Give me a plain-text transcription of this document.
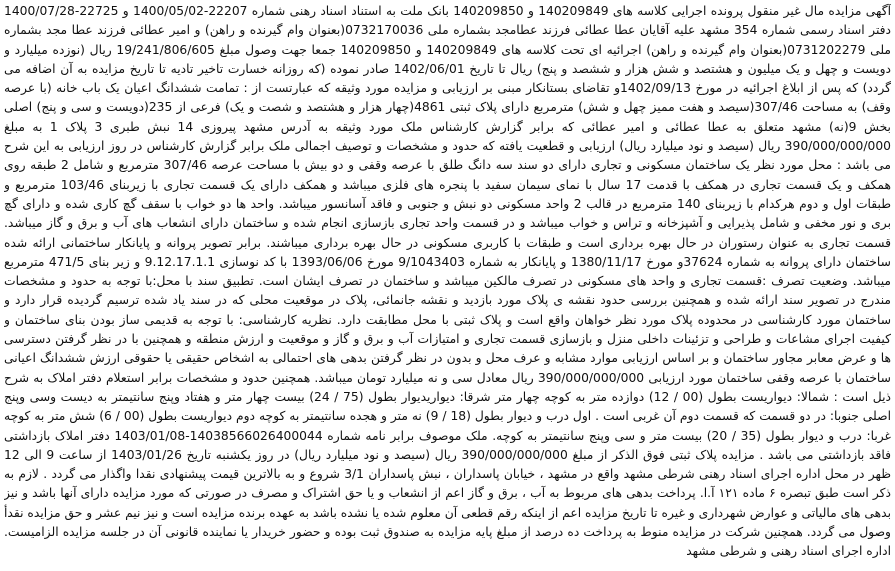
آگهی مزایده مال غیر منقول پرونده اجرایی کلاسه های 140209849 و 140209850 بانک ملت به استناد اسناد رهنی شماره 22207-1400/05/02 و 22725-1400/07/28 دفتر اسناد رسمی شماره 354 مشهد علیه آقایان عطا عطائی فرزند عطامجد بشماره ملی 0732170036(بعنوان وام گیرنده و راهن) و امیر عطائی فرزند عطا مجد بشماره ملی 0731202279(بعنوان وام گیرنده و راهن) اجرائیه ای تحت کلاسه های 140209849 و 140209850 جمعا جهت وصول مبلغ 19/241/806/605 ریال (نوزده میلیارد و دویست و چهل و یک میلیون و هشتصد و شش هزار و ششصد و پنج) ریال تا تاریخ 1402/06/01 صادر نموده (که روزانه خسارت تاخیر تادیه تا تاریخ مزایده به آن اضافه می گردد) که پس از ابلاغ اجرائیه در مورخ 1402/09/13و تقاضای بستانکار مبنی بر ارزیابی و مزایده مورد وثیقه که عبارتست از : تمامت ششدانگ اعیان یک باب خانه (با عرصه وقف) به مساحت 307/46(سیصد و هفت ممیز چهل و شش) مترمربع دارای پلاک ثبتی 4861(چهار هزار و هشتصد و شصت و یک) فرعی از 235(دویست و سی و پنج) اصلی بخش 9(نه) مشهد متعلق به عطا عطائی و امیر عطائی که برابر گزارش کارشناس ملک مورد وثیقه به آدرس مشهد پیروزی 14 نبش طبری 3 پلاک 1 به مبلغ 390/000/000/000 ریال (سیصد و نود میلیارد ریال) ارزیابی و قطعیت یافته که حدود و مشخصات و توصیف اجمالی ملک برابر گزارش کارشناس در روز ارزیابی به این شرح می باشد : محل مورد نظر یک ساختمان مسکونی و تجاری دارای دو سند سه دانگ طلق با عرصه وقفی و دو بیش با مساحت عرصه 307/46 مترمربع و شامل 2 طبقه روی همکف و یک قسمت تجاری در همکف با قدمت 17 سال با نمای سیمان سفید با پنجره های فلزی میباشد و همکف دارای یک قسمت تجاری با زیربنای 103/46 مترمربع و طبقات اول و دوم هرکدام با زیربنای 140 مترمربع در قالب 2 واحد مسکونی دو نبش و جنوبی و فاقد آسانسور میباشد. واحد ها دو خواب با سقف گچ کاری شده و دارای گچ بری و نور مخفی و شامل پذیرایی و آشپزخانه و تراس و خواب میباشد و در قسمت واحد تجاری بازسازی انجام شده و ساختمان دارای انشعاب های آب و برق و گاز میباشد. قسمت تجاری به عنوان رستوران در حال بهره برداری است و طبقات با کاربری مسکونی در حال بهره برداری میباشند. برابر تصویر پروانه و پایانکار ساختمانی ارائه شده ساختمان دارای پروانه به شماره 37624و مورخ 1380/11/17 و پایانکار به شماره 9/1043403 مورخ 1393/06/06 با کد نوسازی 9.12.17.1.1 و زیر بنای 471/5 مترمربع میباشد. وضعیت تصرف :قسمت تجاری و واحد های مسکونی در تصرف مالکین میباشد و ساختمان در تصرف ایشان است. تطبیق سند با محل:با توجه به حدود و مشخصات مندرج در تصویر سند ارائه شده و همچنین بررسی حدود نقشه ی پلاک مورد بازدید و نقشه جانمائی، پلاک در موقعیت محلی که در سند یاد شده ترسیم گردیده قرار دارد و ساختمان مورد کارشناسی در محدوده پلاک مورد نظر خواهان واقع است و پلاک ثبتی با محل مطابقت دارد. نظریه کارشناسی: با توجه به قدیمی ساز بودن بنای ساختمان و کیفیت اجرای مشاعات و طراحی و تزئینات داخلی منزل و بازسازی قسمت تجاری و امتیازات آب و برق و گاز و موقعیت و ارزش منطقه و همچنین با در نظر گرفتن دسترسی ها و عرض معابر مجاور ساختمان و بر اساس ارزیابی موارد مشابه و عرف محل و بدون در نظر گرفتن بدهی های احتمالی به اشخاص حقیقی یا حقوقی ارزش ششدانگ اعیانی ساختمان با عرصه وقفی ساختمان مورد ارزیابی 390/000/000/000 ریال معادل سی و نه میلیارد تومان میباشد. همچنین حدود و مشخصات برابر استعلام دفتر املاک به شرح ذیل است : شمالا: دیواریست بطول (00 / 12) دوازده متر به کوچه چهار متر شرقا: دیواریدیوار بطول (75 / 24) بیست چهار متر و هفتاد وپنج سانتیمتر به دیست وسی وپنج اصلی جنوبا: در دو قسمت که قسمت دوم آن غربی است . اول درب و دیوار بطول (18 / 9) نه متر و هجده سانتیمتر به کوچه دوم دیواریست بطول (00 / 6) شش متر به کوچه غربا: درب و دیوار بطول (35 / 20) بیست متر و سی وپنج سانتیمتر به کوچه. ملک موصوف برابر نامه شماره 14038566026400044-1403/01/08 دفتر املاک بازداشتی فاقد بازداشتی می باشد . مزایده پلاک ثبتی فوق الذکر از مبلغ 390/000/000/000 ریال (سیصد و نود میلیارد ریال) در روز یکشنبه تاریخ 1403/01/26 از ساعت 9 الی 12 ظهر در محل اداره اجرای اسناد رهنی شرطی مشهد واقع در مشهد ، خیابان پاسداران ، نبش پاسداران 3/1 شروع و به بالاترین قیمت پیشنهادی نقدا واگذار می گردد . لازم به ذکر است طبق تبصره ۶ ماده ۱۲۱ آ.ا. پرداخت بدهی های مربوط به آب ، برق و گاز اعم از انشعاب و یا حق اشتراک و مصرف در صورتی که مورد مزایده دارای آنها باشد و نیز بدهی های مالیاتی و عوارض شهرداری و غیره تا تاریخ مزایده اعم از اینکه رقم قطعی آن معلوم شده یا نشده باشد به عهده برنده مزایده است و نیز نیم عشر و حق مزایده نقدأ وصول می گردد. همچنین شرکت در مزایده منوط به پرداخت ده درصد از مبلغ پایه مزایده به صندوق ثبت بوده و حضور خریدار یا نماینده قانونی آن در جلسه مزایده الزامیست. اداره اجرای اسناد رهنی و شرطی مشهد
